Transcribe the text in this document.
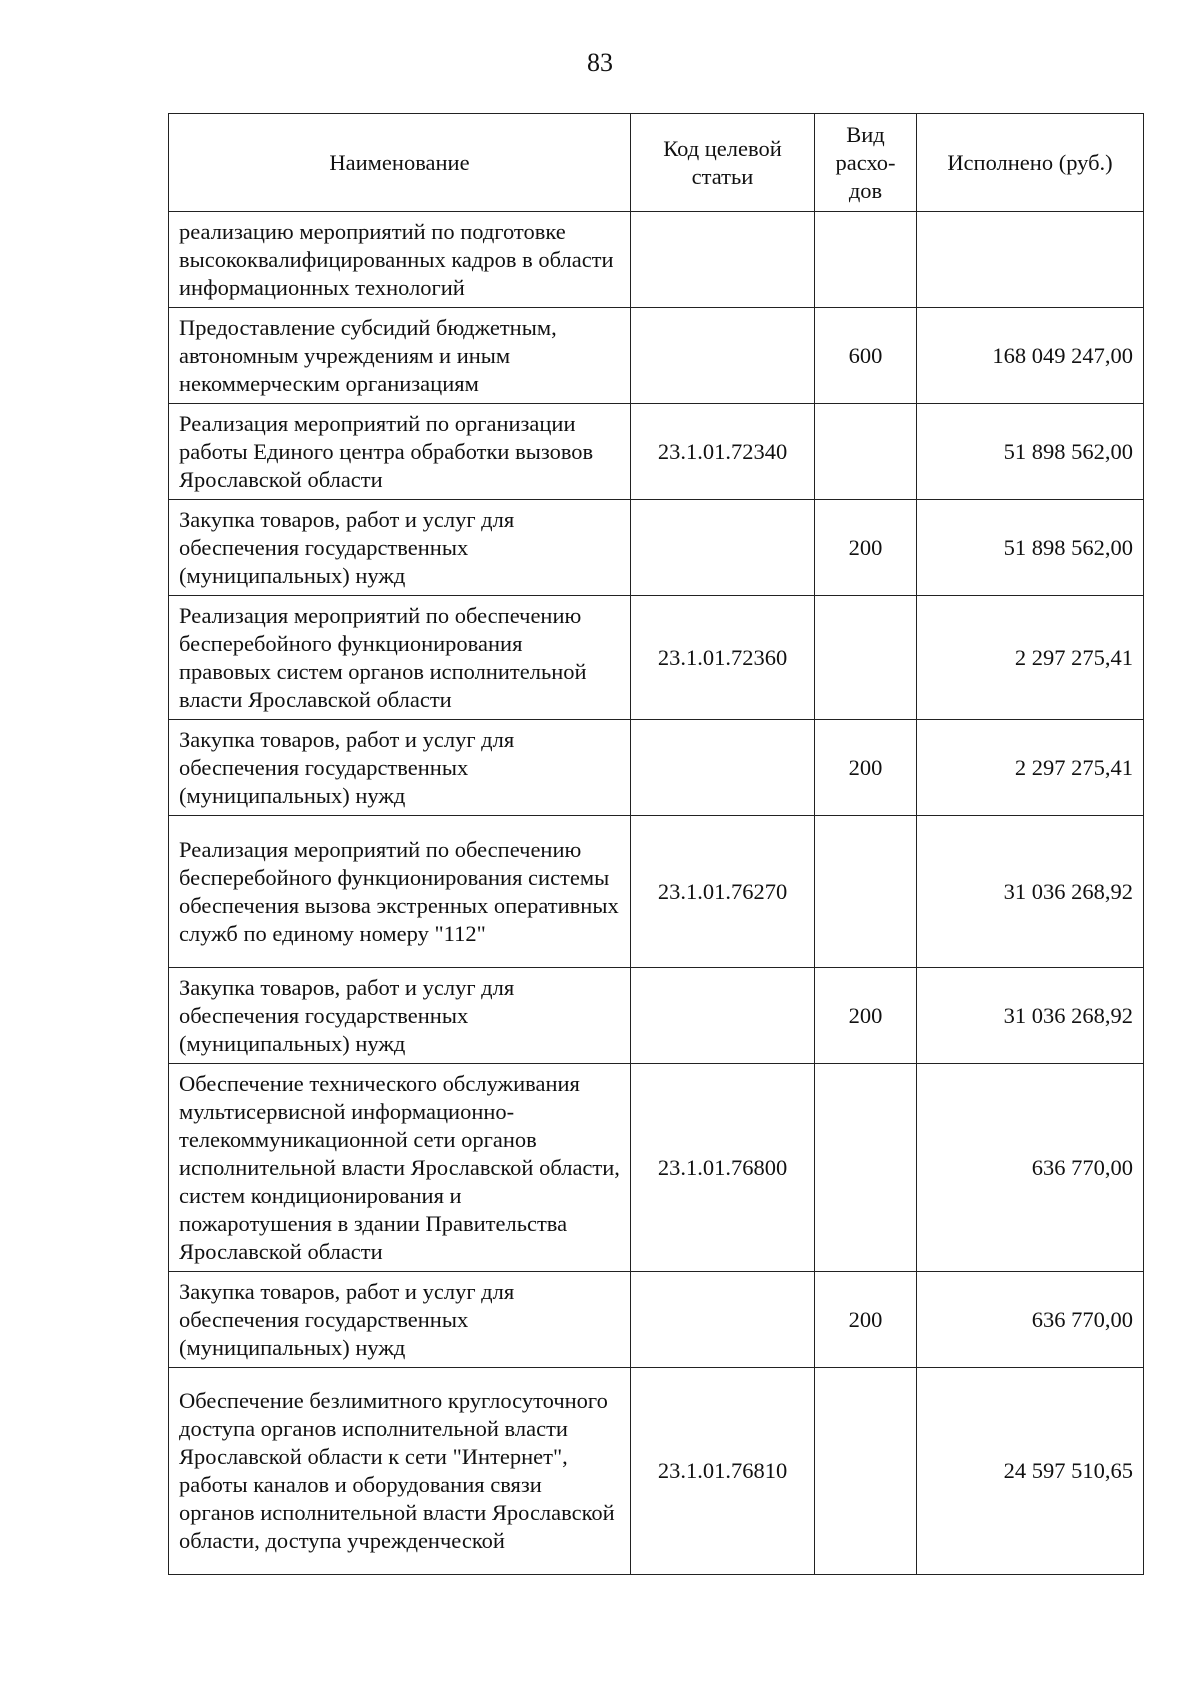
83
Наименование	Код целевой статьи	Вид расхо-дов	Исполнено (руб.)
реализацию мероприятий по подготовке высококвалифицированных кадров в области информационных технологий			
Предоставление субсидий бюджетным, автономным учреждениям и иным некоммерческим организациям		600	168 049 247,00
Реализация мероприятий по организации работы Единого центра обработки вызовов Ярославской области	23.1.01.72340		51 898 562,00
Закупка товаров, работ и услуг для обеспечения государственных (муниципальных) нужд		200	51 898 562,00
Реализация мероприятий по обеспечению бесперебойного функционирования правовых систем органов исполнительной власти Ярославской области	23.1.01.72360		2 297 275,41
Закупка товаров, работ и услуг для обеспечения государственных (муниципальных) нужд		200	2 297 275,41
Реализация мероприятий по обеспечению бесперебойного функционирования системы обеспечения вызова экстренных оперативных служб по единому номеру "112"	23.1.01.76270		31 036 268,92
Закупка товаров, работ и услуг для обеспечения государственных (муниципальных) нужд		200	31 036 268,92
Обеспечение технического обслуживания мультисервисной информационно-телекоммуникационной сети органов исполнительной власти Ярославской области, систем кондиционирования и пожаротушения в здании Правительства Ярославской области	23.1.01.76800		636 770,00
Закупка товаров, работ и услуг для обеспечения государственных (муниципальных) нужд		200	636 770,00
Обеспечение безлимитного круглосуточного доступа органов исполнительной власти Ярославской области к сети "Интернет", работы каналов и оборудования связи органов исполнительной власти Ярославской области, доступа учрежденческой	23.1.01.76810		24 597 510,65
